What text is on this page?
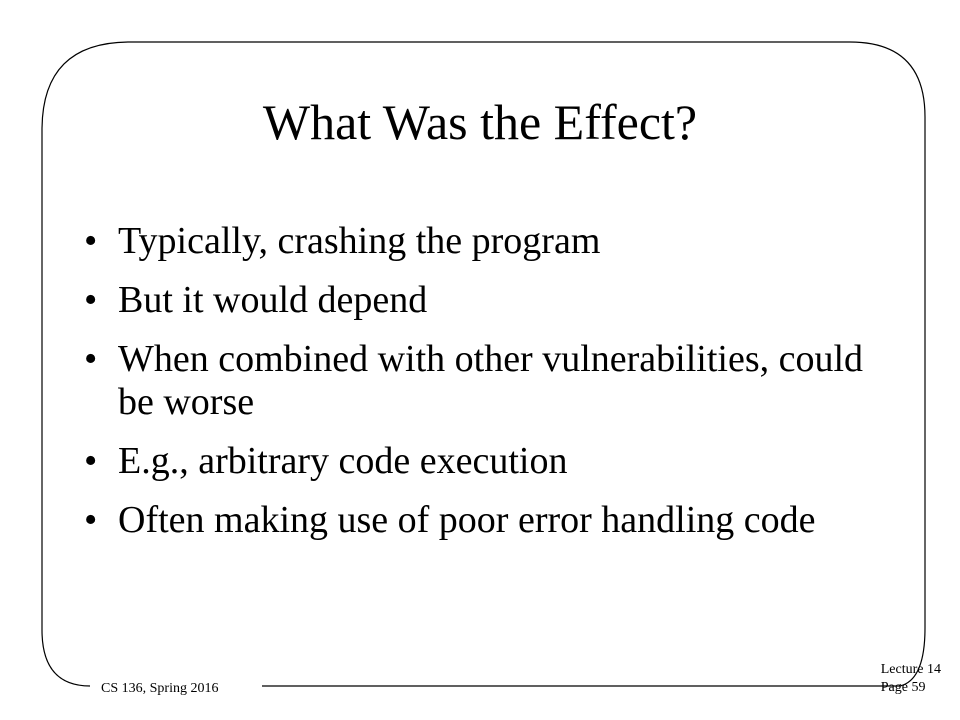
What Was the Effect?
• Typically, crashing the program
• But it would depend
• When combined with other vulnerabilities, could be worse
• E.g., arbitrary code execution
• Often making use of poor error handling code
CS 136, Spring 2016
Lecture 14
Page 59
